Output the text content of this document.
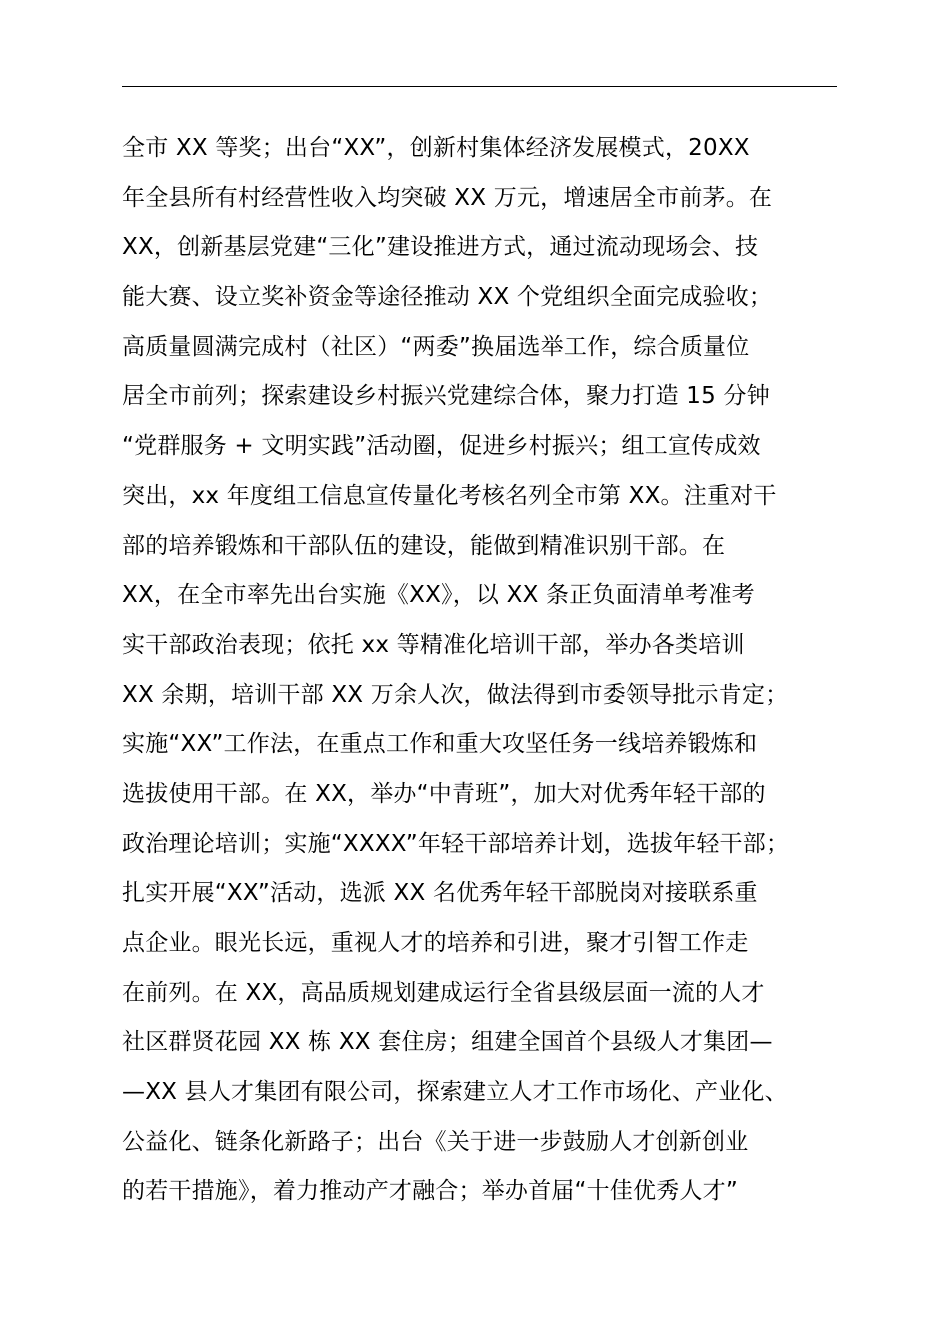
全市 XX 等奖；出台“XX”，创新村集体经济发展模式，20XX
年全县所有村经营性收入均突破 XX 万元，增速居全市前茅。在
XX，创新基层党建“三化”建设推进方式，通过流动现场会、技
能大赛、设立奖补资金等途径推动 XX 个党组织全面完成验收；
高质量圆满完成村（社区）“两委”换届选举工作，综合质量位
居全市前列；探索建设乡村振兴党建综合体，聚力打造 15 分钟
“党群服务 + 文明实践”活动圈，促进乡村振兴；组工宣传成效
突出，xx 年度组工信息宣传量化考核名列全市第 XX。注重对干
部的培养锻炼和干部队伍的建设，能做到精准识别干部。在
XX，在全市率先出台实施《XX》，以 XX 条正负面清单考准考
实干部政治表现；依托 xx 等精准化培训干部，举办各类培训
XX 余期，培训干部 XX 万余人次，做法得到市委领导批示肯定；
实施“XX”工作法，在重点工作和重大攻坚任务一线培养锻炼和
选拔使用干部。在 XX，举办“中青班”，加大对优秀年轻干部的
政治理论培训；实施“XXXX”年轻干部培养计划，选拔年轻干部；
扎实开展“XX”活动，选派 XX 名优秀年轻干部脱岗对接联系重
点企业。眼光长远，重视人才的培养和引进，聚才引智工作走
在前列。在 XX，高品质规划建成运行全省县级层面一流的人才
社区群贤花园 XX 栋 XX 套住房；组建全国首个县级人才集团—
—XX 县人才集团有限公司，探索建立人才工作市场化、产业化、
公益化、链条化新路子；出台《关于进一步鼓励人才创新创业
的若干措施》，着力推动产才融合；举办首届“十佳优秀人才”
